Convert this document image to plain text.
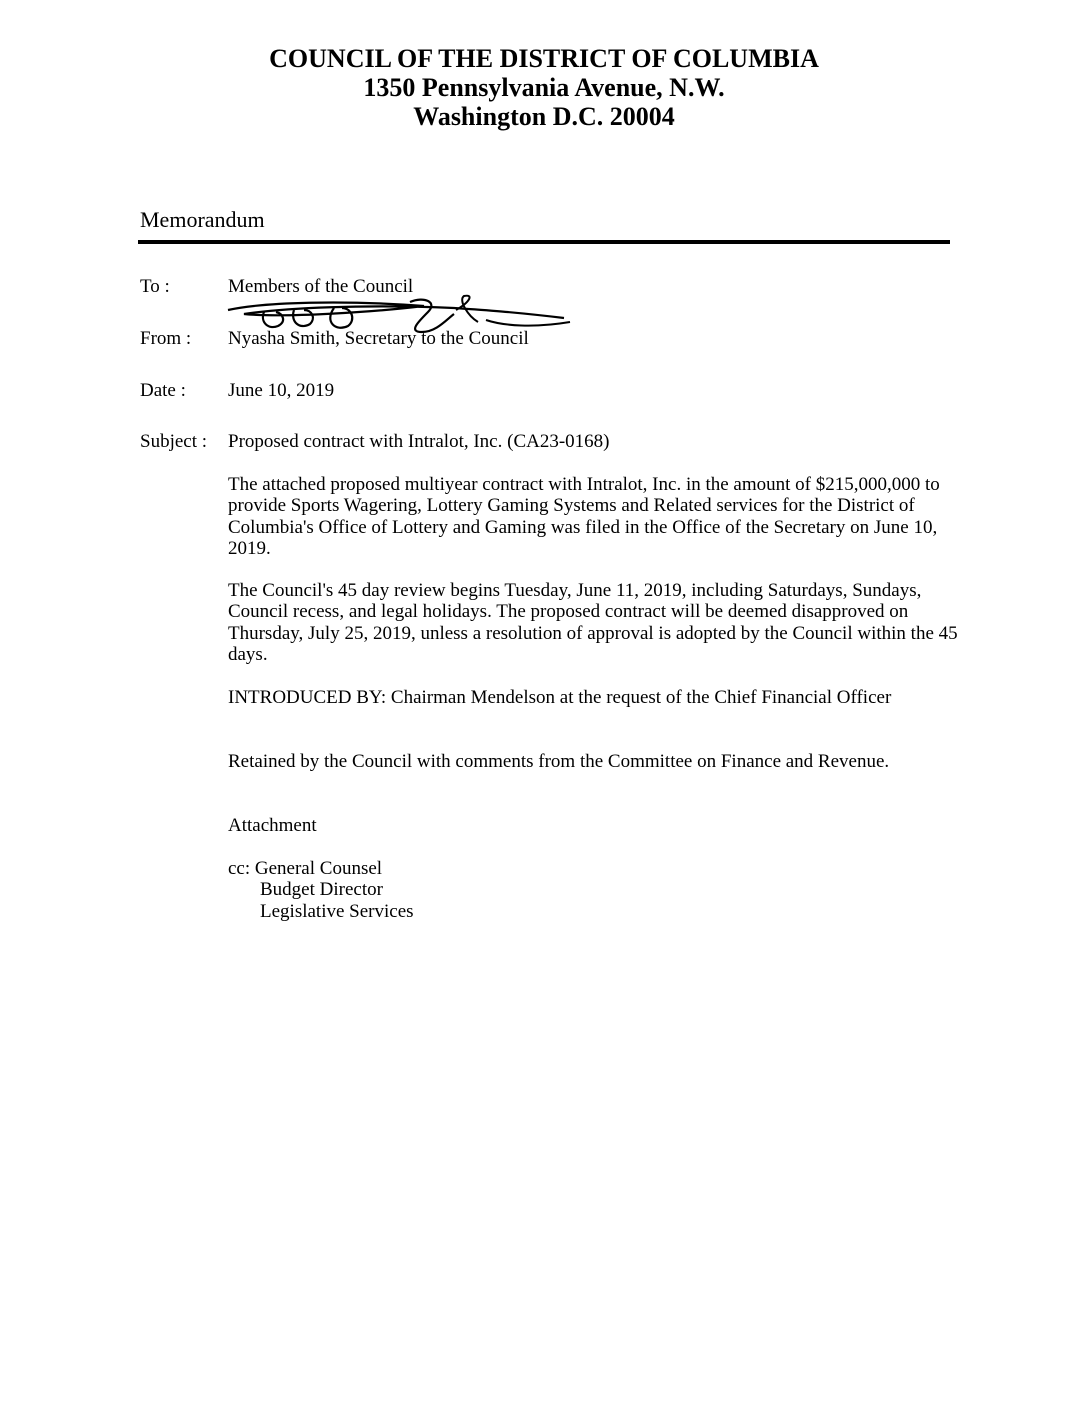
COUNCIL OF THE DISTRICT OF COLUMBIA
1350 Pennsylvania Avenue, N.W.
Washington D.C. 20004
Memorandum
To :	Members of the Council
From : Nyasha Smith, Secretary to the Council
Date : June 10, 2019
Subject : Proposed contract with Intralot, Inc. (CA23-0168)
The attached proposed multiyear contract with Intralot, Inc. in the amount of $215,000,000 to provide Sports Wagering, Lottery Gaming Systems and Related services for the District of Columbia's Office of Lottery and Gaming was filed in the Office of the Secretary on June 10, 2019.
The Council's 45 day review begins Tuesday, June 11, 2019, including Saturdays, Sundays, Council recess, and legal holidays. The proposed contract will be deemed disapproved on Thursday, July 25, 2019, unless a resolution of approval is adopted by the Council within the 45 days.
INTRODUCED BY: Chairman Mendelson at the request of the Chief Financial Officer
Retained by the Council with comments from the Committee on Finance and Revenue.
Attachment
cc: General Counsel
Budget Director
Legislative Services
